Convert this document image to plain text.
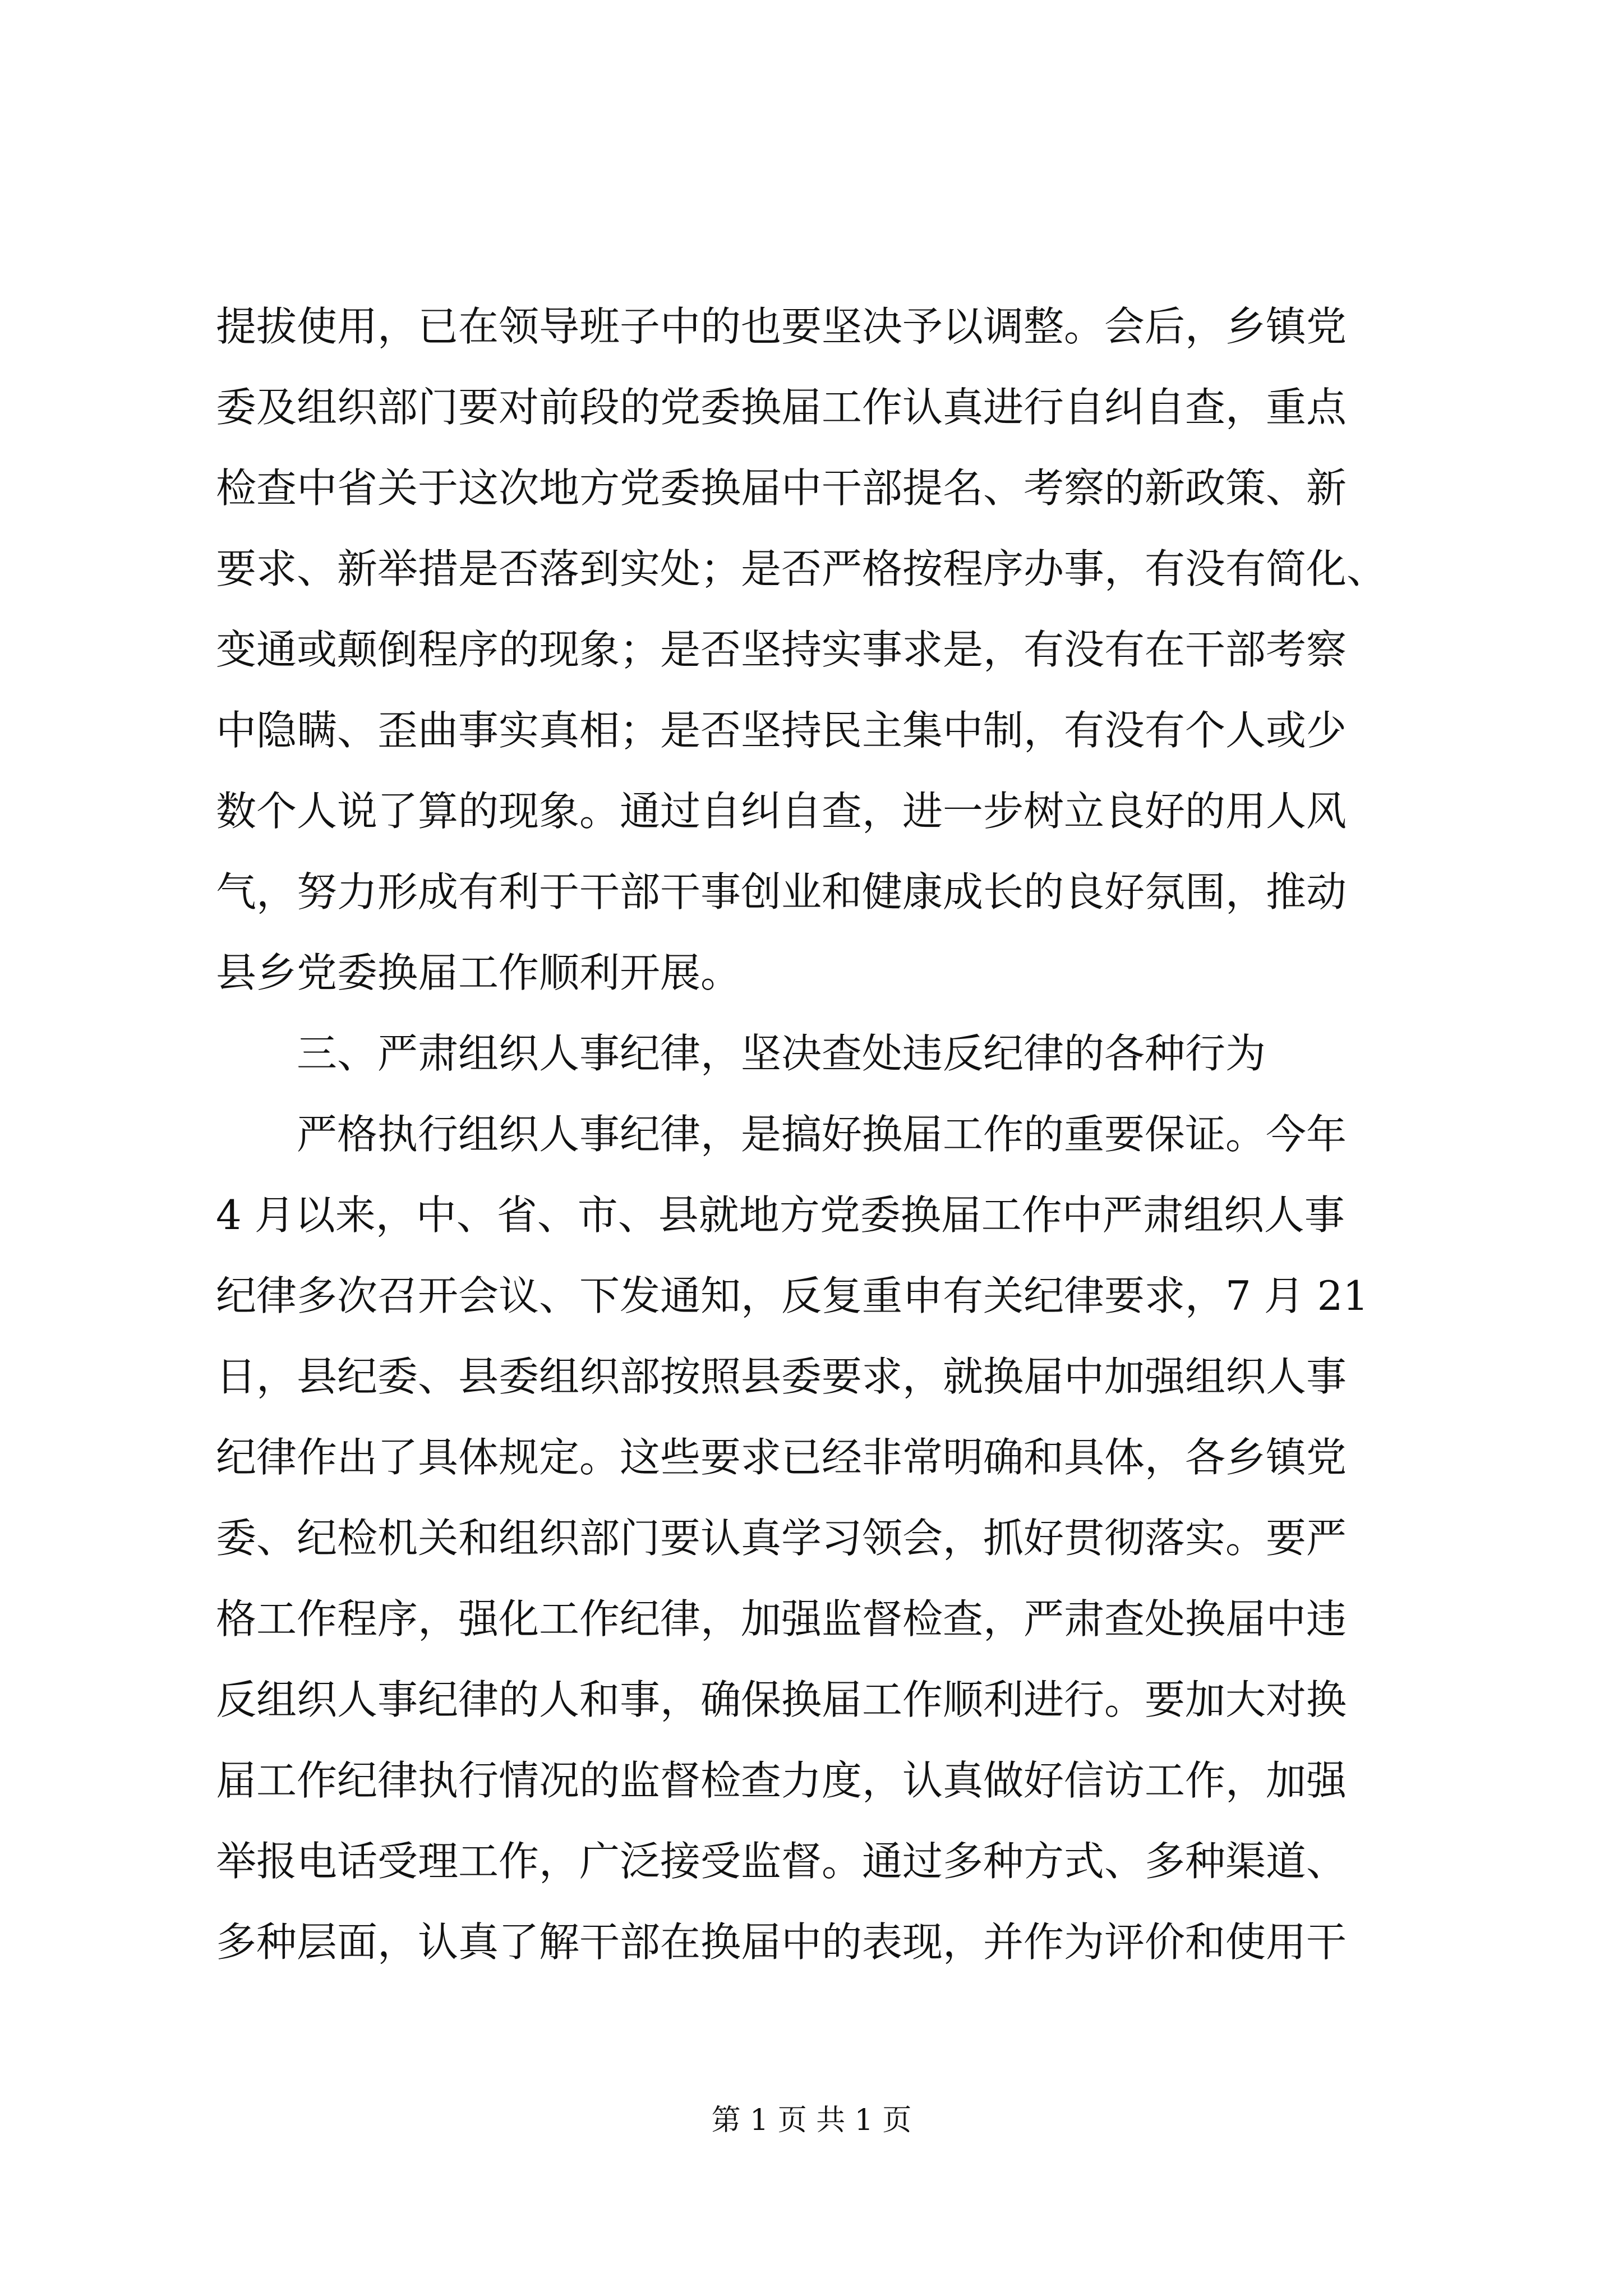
提拔使用，已在领导班子中的也要坚决予以调整。会后，乡镇党
委及组织部门要对前段的党委换届工作认真进行自纠自查，重点
检查中省关于这次地方党委换届中干部提名、考察的新政策、新
要求、新举措是否落到实处；是否严格按程序办事，有没有简化、
变通或颠倒程序的现象；是否坚持实事求是，有没有在干部考察
中隐瞒、歪曲事实真相；是否坚持民主集中制，有没有个人或少
数个人说了算的现象。通过自纠自查，进一步树立良好的用人风
气，努力形成有利于干部干事创业和健康成长的良好氛围，推动
县乡党委换届工作顺利开展。
三、严肃组织人事纪律，坚决查处违反纪律的各种行为
严格执行组织人事纪律，是搞好换届工作的重要保证。今年
4 月以来，中、省、市、县就地方党委换届工作中严肃组织人事
纪律多次召开会议、下发通知，反复重申有关纪律要求，7 月 21
日，县纪委、县委组织部按照县委要求，就换届中加强组织人事
纪律作出了具体规定。这些要求已经非常明确和具体，各乡镇党
委、纪检机关和组织部门要认真学习领会，抓好贯彻落实。要严
格工作程序，强化工作纪律，加强监督检查，严肃查处换届中违
反组织人事纪律的人和事，确保换届工作顺利进行。要加大对换
届工作纪律执行情况的监督检查力度，认真做好信访工作，加强
举报电话受理工作，广泛接受监督。通过多种方式、多种渠道、
多种层面，认真了解干部在换届中的表现，并作为评价和使用干
第 1 页 共 1 页
